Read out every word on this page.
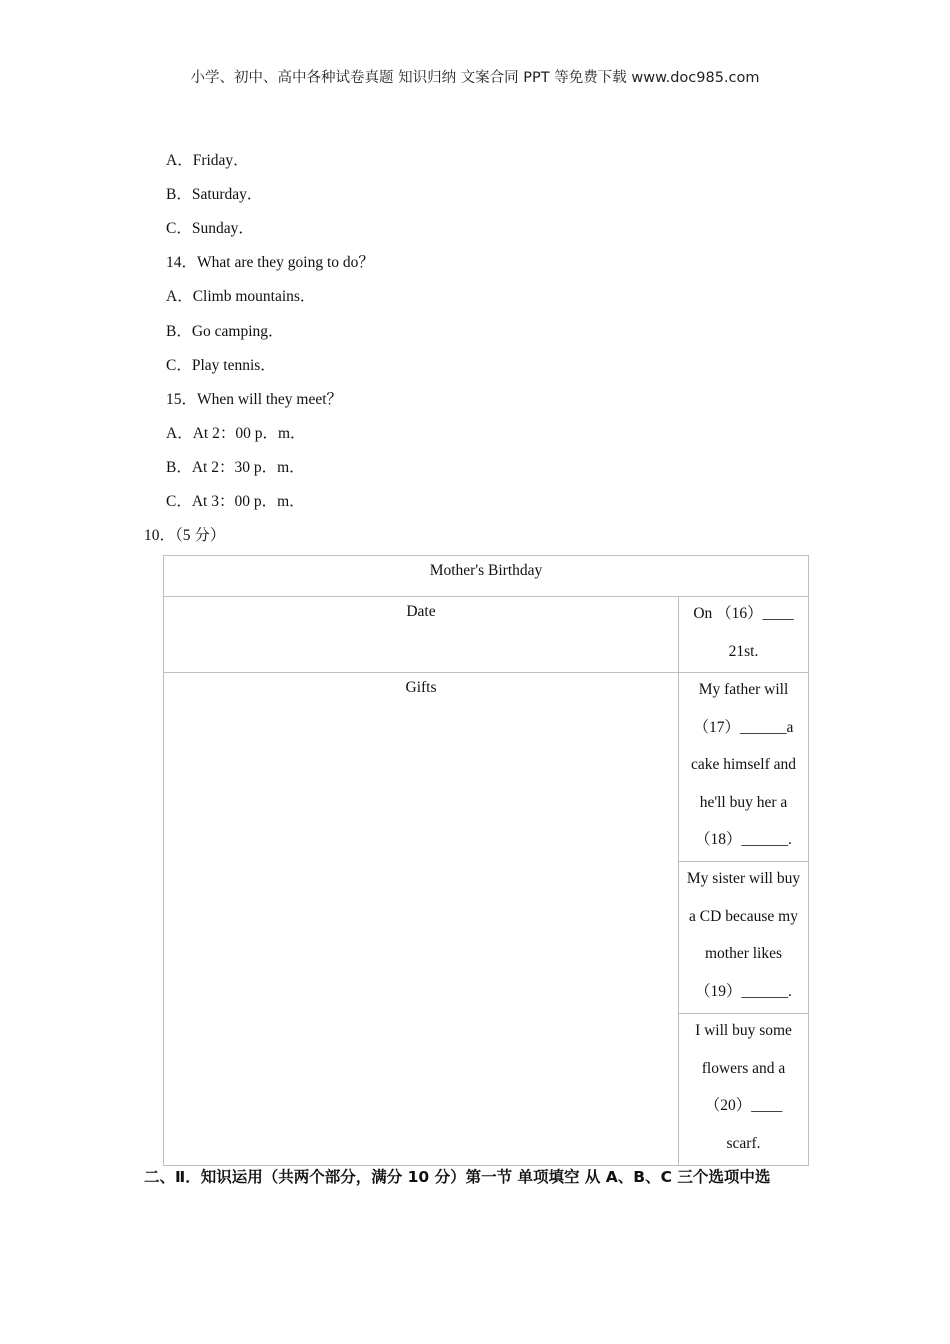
小学、初中、高中各种试卷真题 知识归纳 文案合同 PPT 等免费下载 www.doc985.com
A．Friday．
B．Saturday．
C．Sunday．
14．What are they going to do？
A．Climb mountains．
B．Go camping．
C．Play tennis．
15．When will they meet？
A．At 2：00 p．m．
B．At 2：30 p．m．
C．At 3：00 p．m．
10．（5 分）
Mother's Birthday	

Date	On （16）____
21st.

Gifts	My father will
（17）______a
cake himself and
he'll buy her a
（18）______.

	My sister will buy
a CD because my
mother likes
（19）______.

	I will buy some
flowers and a
（20）____
scarf.
二、Ⅱ．知识运用（共两个部分，满分 10 分）第一节 单项填空 从 A、B、C 三个选项中选
